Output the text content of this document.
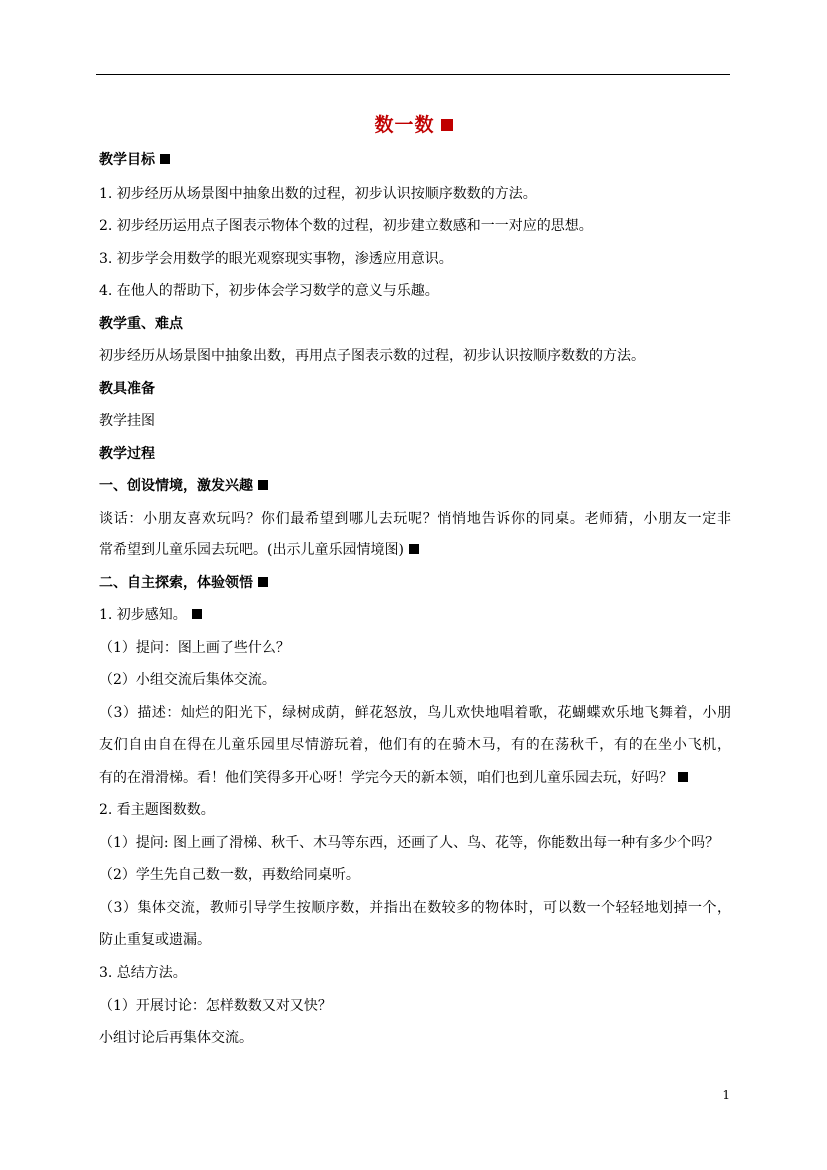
数一数
教学目标
1. 初步经历从场景图中抽象出数的过程，初步认识按顺序数数的方法。
2. 初步经历运用点子图表示物体个数的过程，初步建立数感和一一对应的思想。
3. 初步学会用数学的眼光观察现实事物，渗透应用意识。
4. 在他人的帮助下，初步体会学习数学的意义与乐趣。
教学重、难点
初步经历从场景图中抽象出数，再用点子图表示数的过程，初步认识按顺序数数的方法。
教具准备
教学挂图
教学过程
一、创设情境，激发兴趣
谈话：小朋友喜欢玩吗？你们最希望到哪儿去玩呢？悄悄地告诉你的同桌。老师猜，小朋友一定非
常希望到儿童乐园去玩吧。(出示儿童乐园情境图)
二、自主探索，体验领悟
1. 初步感知。
（1）提问：图上画了些什么？
（2）小组交流后集体交流。
（3）描述：灿烂的阳光下，绿树成荫，鲜花怒放，鸟儿欢快地唱着歌，花蝴蝶欢乐地飞舞着，小朋
友们自由自在得在儿童乐园里尽情游玩着，他们有的在骑木马，有的在荡秋千，有的在坐小飞机，
有的在滑滑梯。看！他们笑得多开心呀！学完今天的新本领，咱们也到儿童乐园去玩，好吗？
2. 看主题图数数。
（1）提问: 图上画了滑梯、秋千、木马等东西，还画了人、鸟、花等，你能数出每一种有多少个吗？
（2）学生先自己数一数，再数给同桌听。
（3）集体交流，教师引导学生按顺序数，并指出在数较多的物体时，可以数一个轻轻地划掉一个，
防止重复或遗漏。
3. 总结方法。
（1）开展讨论：怎样数数又对又快？
小组讨论后再集体交流。
1
